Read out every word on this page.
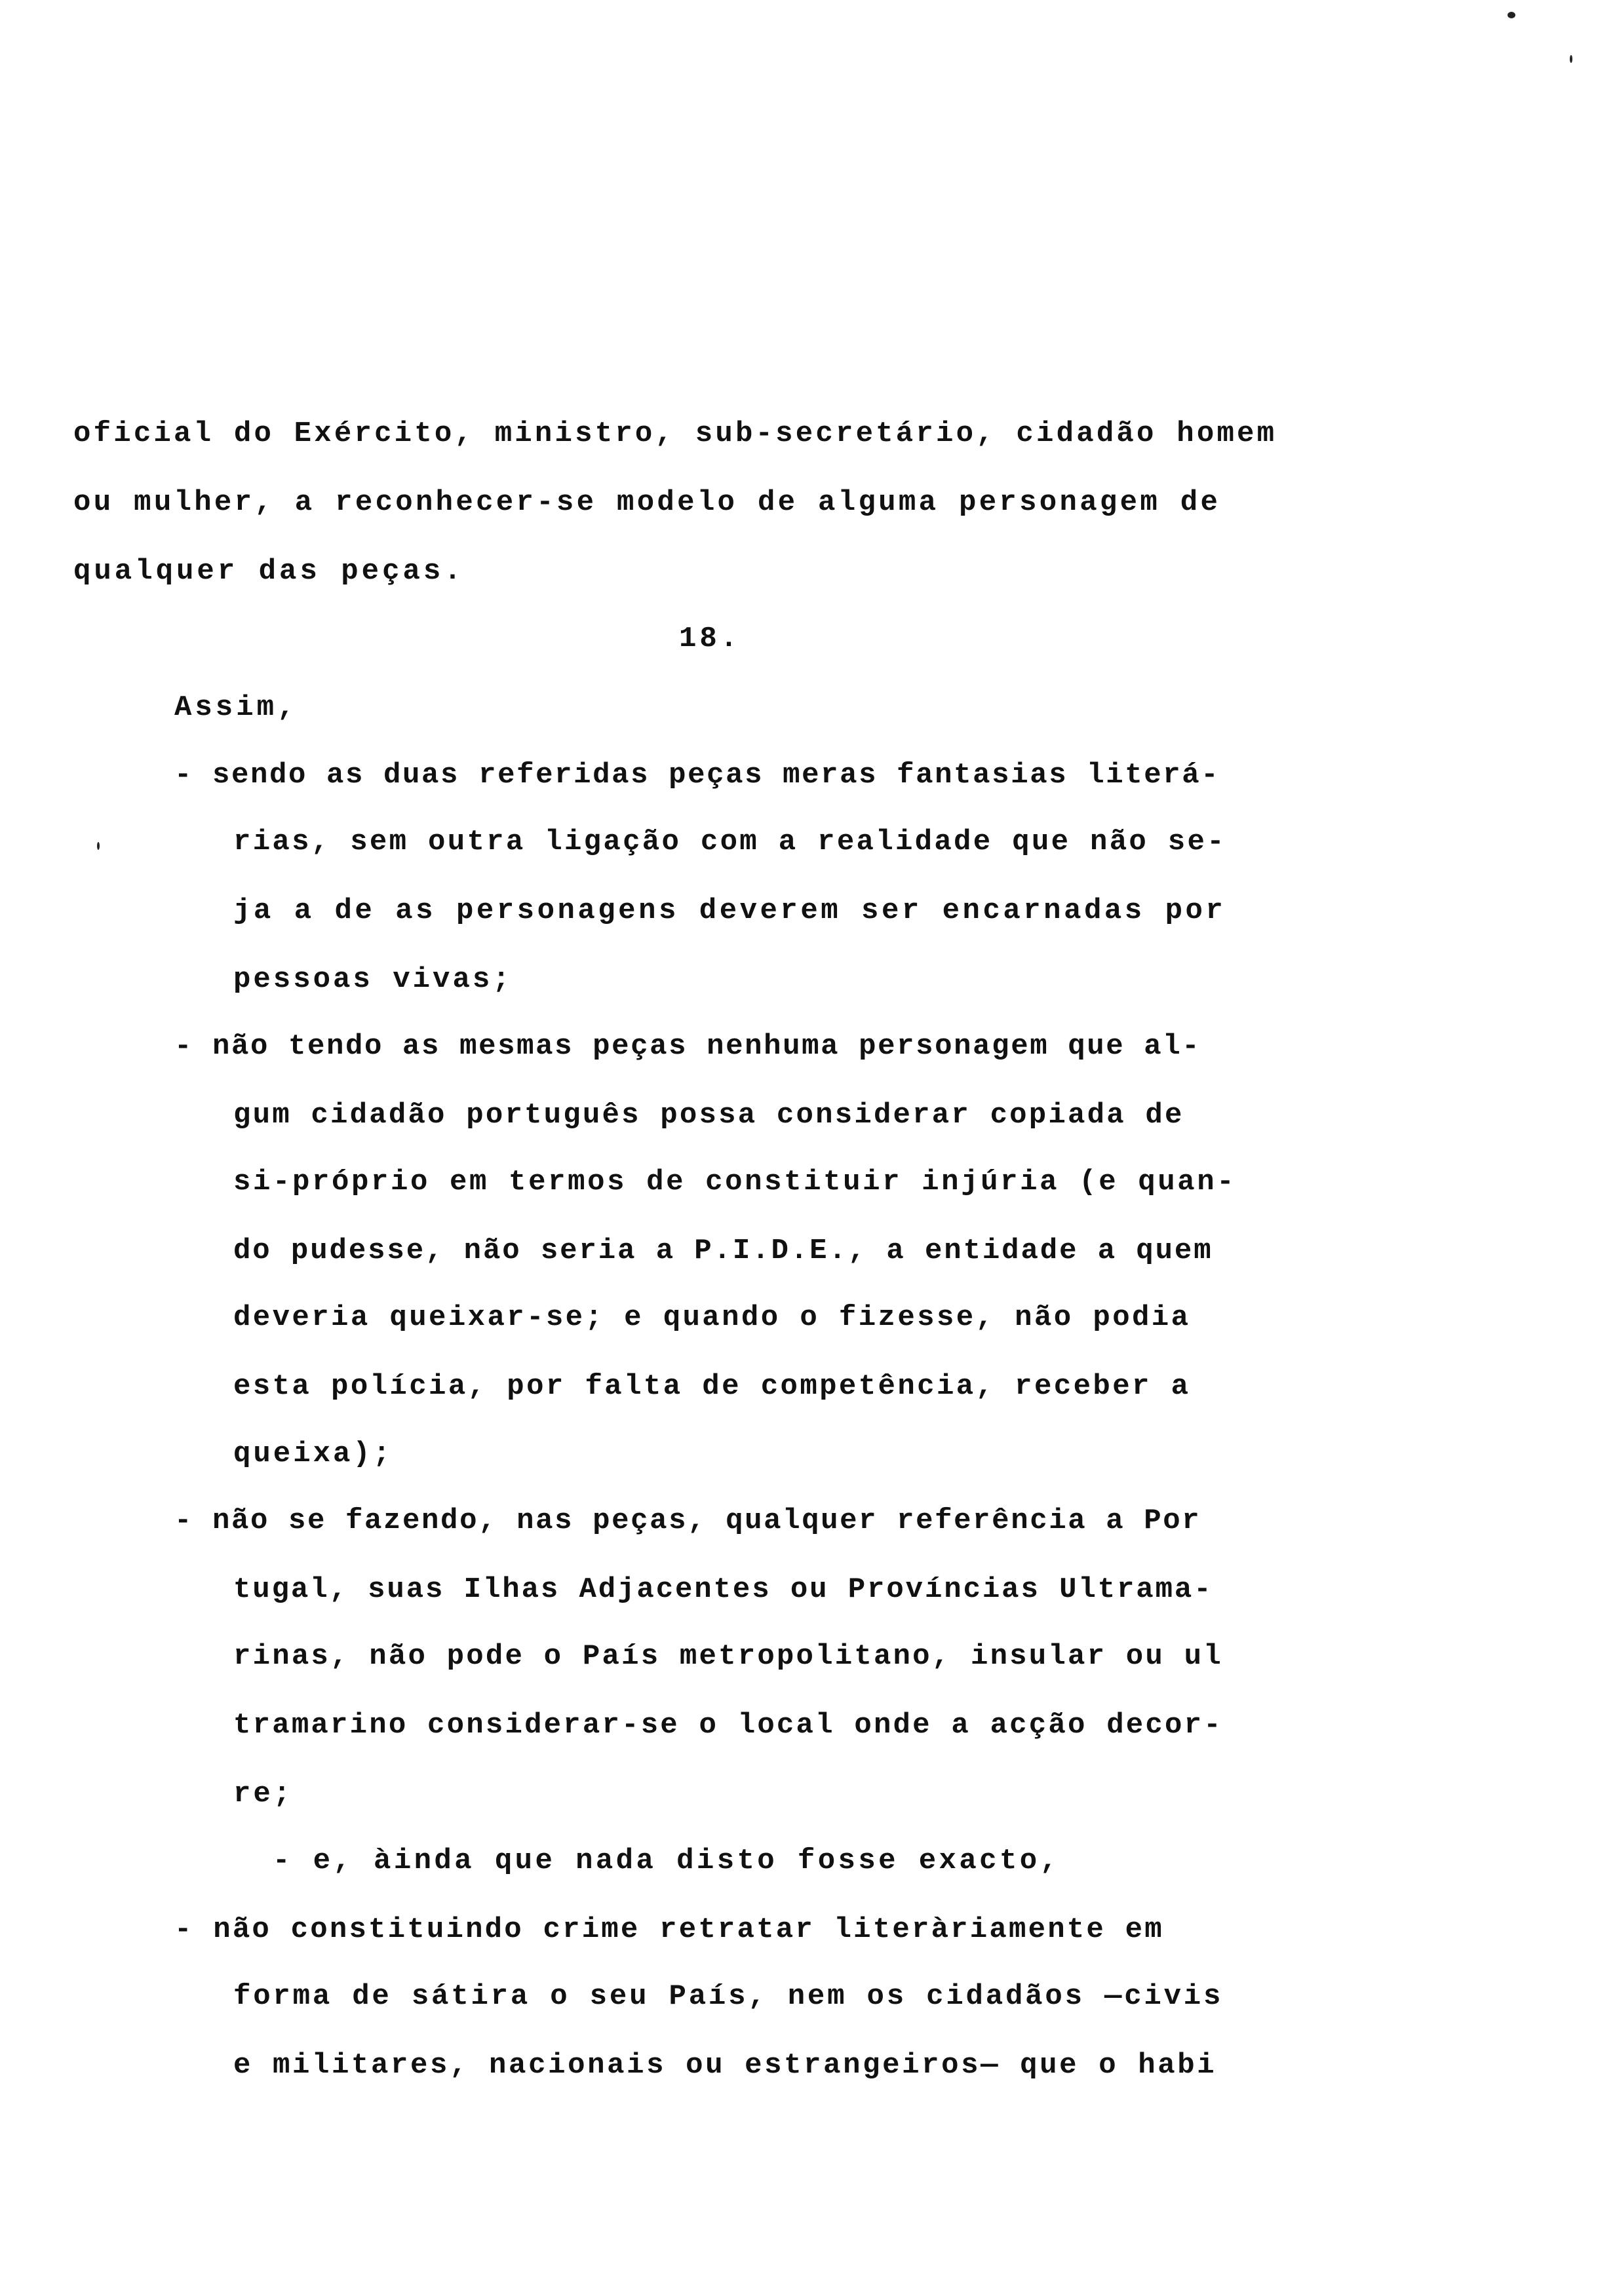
oficial do Exército, ministro, sub-secretário, cidadão homem
ou mulher, a reconhecer-se modelo de alguma personagem de
qualquer das peças.
18.
Assim,
- sendo as duas referidas peças meras fantasias literá-
rias, sem outra ligação com a realidade que não se-
ja a de as personagens deverem ser encarnadas por
pessoas vivas;
- não tendo as mesmas peças nenhuma personagem que al-
gum cidadão português possa considerar copiada de
si-próprio em termos de constituir injúria (e quan-
do pudesse, não seria a P.I.D.E., a entidade a quem
deveria queixar-se; e quando o fizesse, não podia
esta polícia, por falta de competência, receber a
queixa);
- não se fazendo, nas peças, qualquer referência a Por
tugal, suas Ilhas Adjacentes ou Províncias Ultrama-
rinas, não pode o País metropolitano, insular ou ul
tramarino considerar-se o local onde a acção decor-
re;
- e, àinda que nada disto fosse exacto,
- não constituindo crime retratar literàriamente em
forma de sátira o seu País, nem os cidadãos —civis
e militares, nacionais ou estrangeiros— que o habi
